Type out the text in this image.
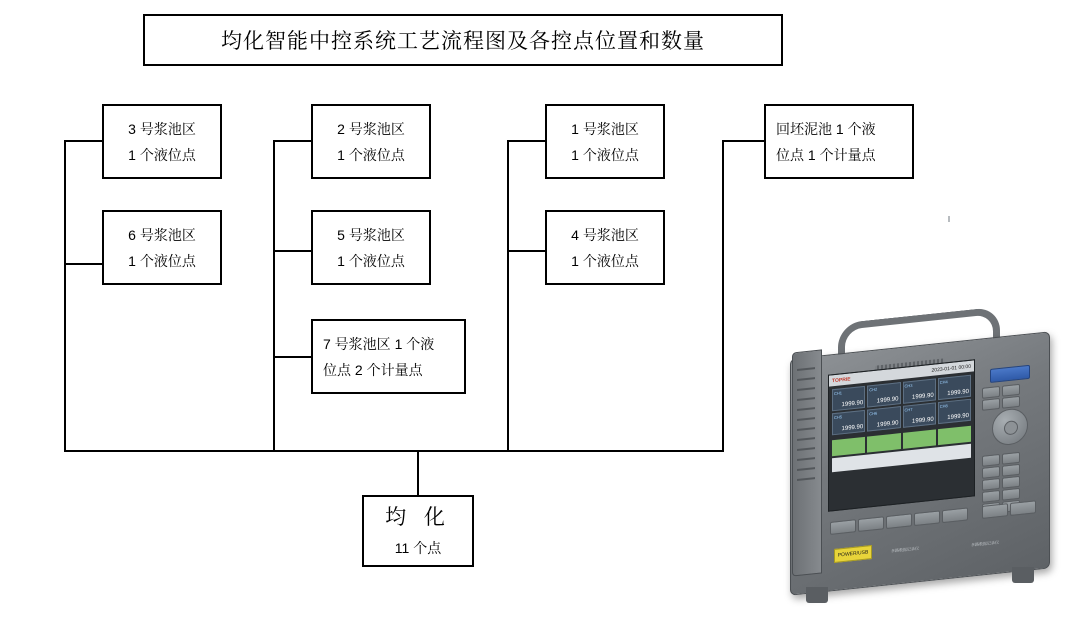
均化智能中控系统工艺流程图及各控点位置和数量
3 号浆池区
1 个液位点
6 号浆池区
1 个液位点
2 号浆池区
1 个液位点
5 号浆池区
1 个液位点
7 号浆池区 1 个液
位点 2 个计量点
1 号浆池区
1 个液位点
4 号浆池区
1 个液位点
回坯泥池 1 个液
位点 1 个计量点
均 化
11 个点
TOPRIE
2023-01-01 00:00
CH1
1999.90
CH2
1999.90
CH3
1999.90
CH4
1999.90
CH5
1999.90
CH6
1999.90
CH7
1999.90
CH8
1999.90
POWER/USB	多路数据记录仪
多路数据记录仪
